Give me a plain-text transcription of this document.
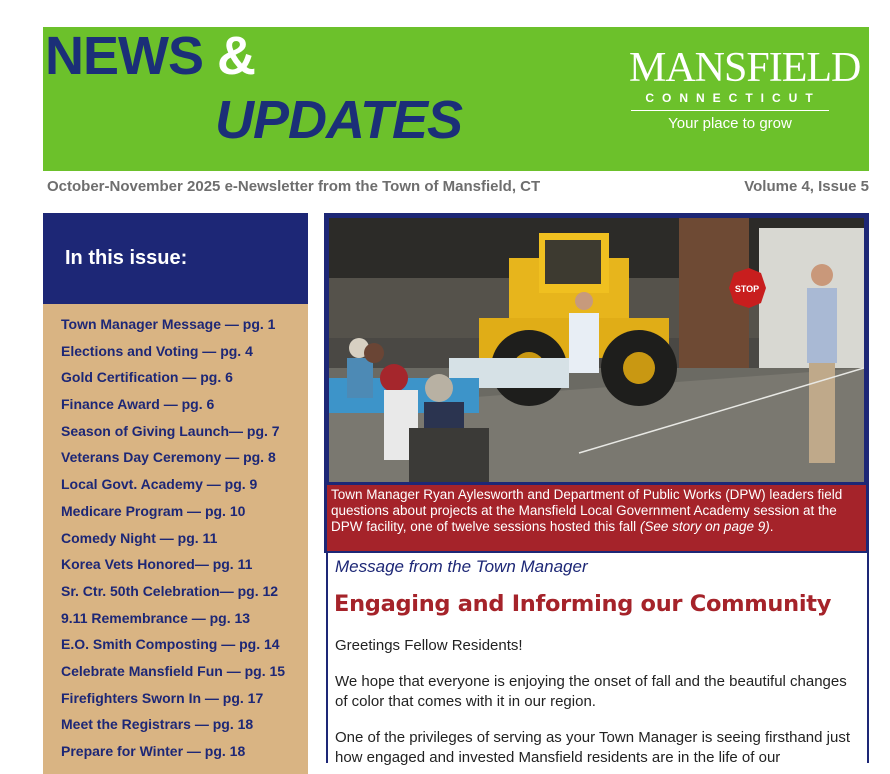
NEWS &
UPDATES
MANSFIELD
CONNECTICUT
Your place to grow
October-November 2025 e-Newsletter from the Town of Mansfield, CT	Volume 4, Issue 5
In this issue:
Town Manager Message — pg. 1
Elections and Voting — pg. 4
Gold Certification — pg. 6
Finance Award — pg. 6
Season of Giving Launch— pg. 7
Veterans Day Ceremony — pg. 8
Local Govt. Academy — pg. 9
Medicare Program — pg. 10
Comedy Night — pg. 11
Korea Vets Honored— pg. 11
Sr. Ctr. 50th Celebration— pg. 12
9.11 Remembrance — pg. 13
E.O. Smith Composting — pg. 14
Celebrate Mansfield Fun — pg. 15
Firefighters Sworn In — pg. 17
Meet the Registrars — pg. 18
Prepare for Winter — pg. 18
STOP
Town Manager Ryan Aylesworth and Department of Public Works (DPW) leaders field questions about projects at the Mansfield Local Government Academy session at the DPW facility, one of twelve sessions hosted this fall (See story on page 9).
Message from the Town Manager
Engaging and Informing our Community
Greetings Fellow Residents!
We hope that everyone is enjoying the onset of fall and the beautiful changes of color that comes with it in our region.
One of the privileges of serving as your Town Manager is seeing firsthand just how engaged and invested Mansfield residents are in the life of our
